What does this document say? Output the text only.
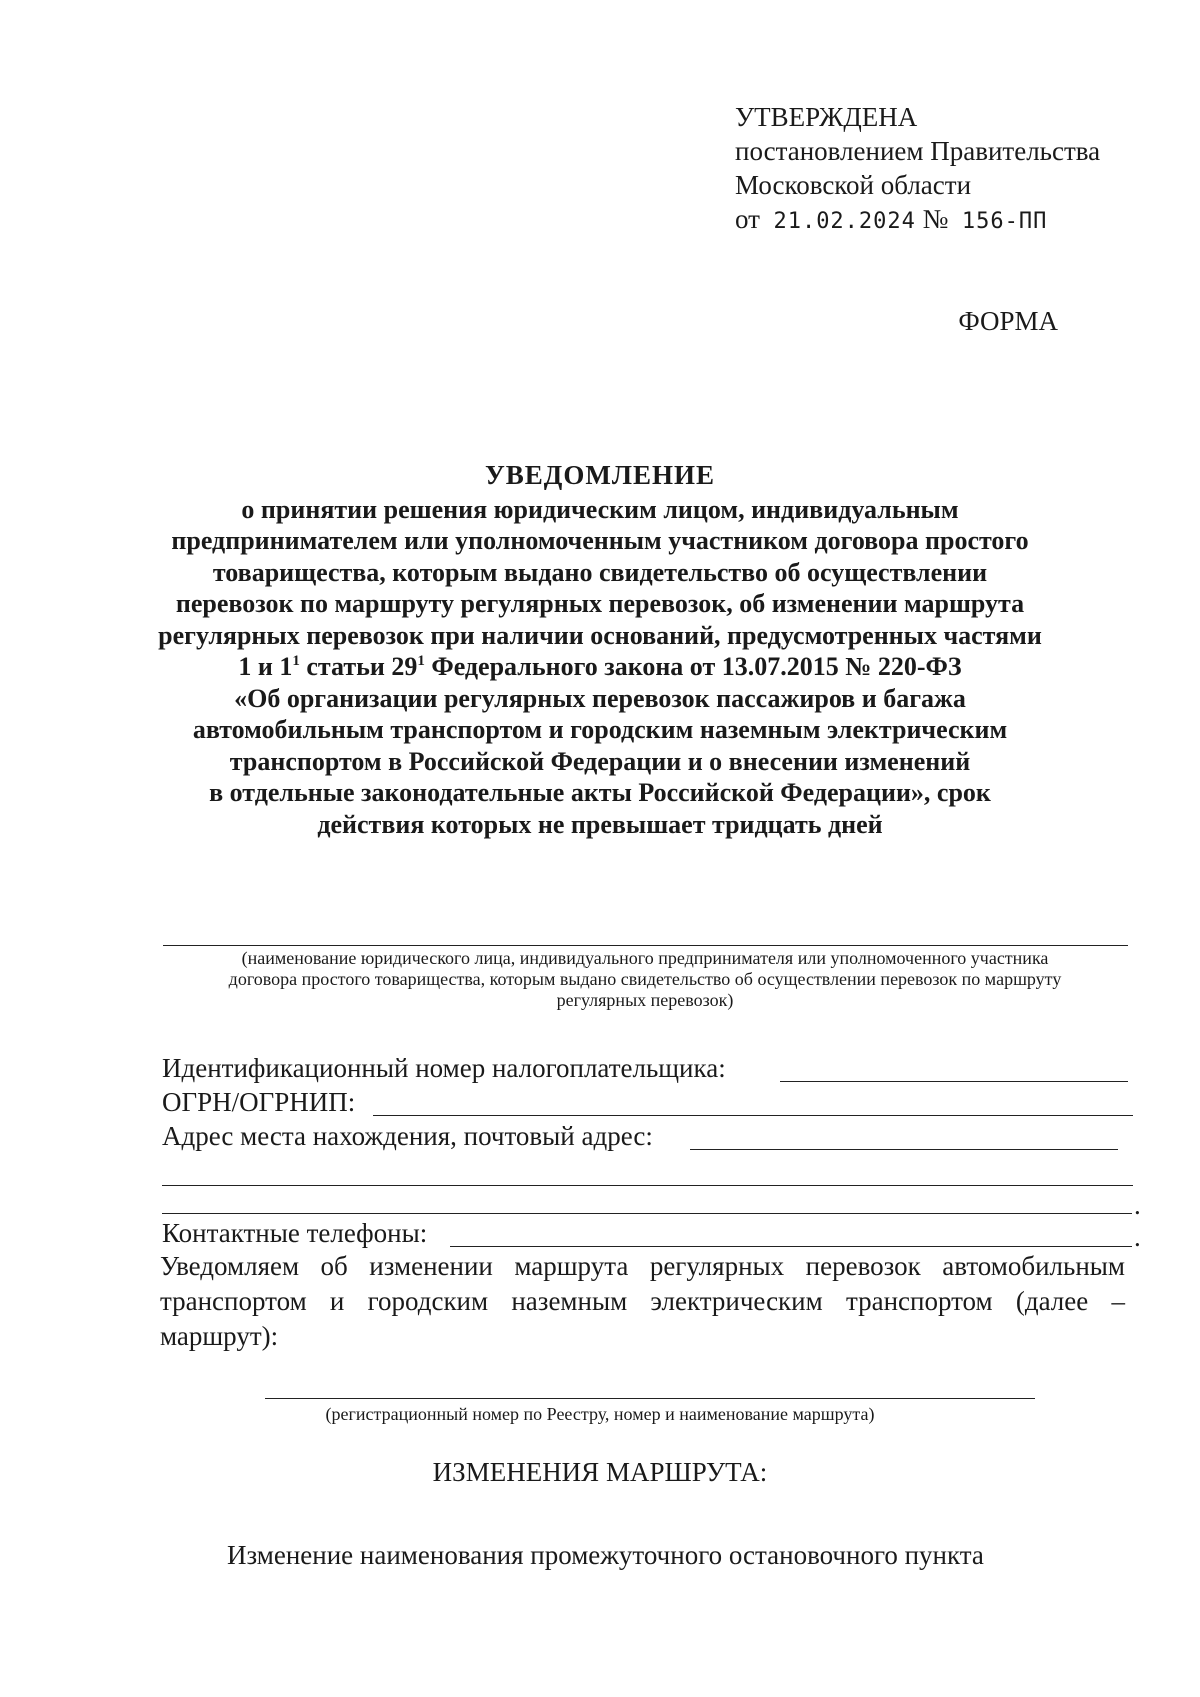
УТВЕРЖДЕНА
постановлением Правительства
Московской области
от 21.02.2024 № 156-ПП
ФОРМА
УВЕДОМЛЕНИЕ
о принятии решения юридическим лицом, индивидуальным
предпринимателем или уполномоченным участником договора простого
товарищества, которым выдано свидетельство об осуществлении
перевозок по маршруту регулярных перевозок, об изменении маршрута
регулярных перевозок при наличии оснований, предусмотренных частями
1 и $1^1$ статьи $29^1$ Федерального закона от 13.07.2015 № 220-ФЗ
«Об организации регулярных перевозок пассажиров и багажа
автомобильным транспортом и городским наземным электрическим
транспортом в Российской Федерации и о внесении изменений
в отдельные законодательные акты Российской Федерации», срок
действия которых не превышает тридцать дней
(наименование юридического лица, индивидуального предпринимателя или уполномоченного участника
договора простого товарищества, которым выдано свидетельство об осуществлении перевозок по маршруту
регулярных перевозок)
Идентификационный номер налогоплательщика:
ОГРН/ОГРНИП:
Адрес места нахождения, почтовый адрес:
.
Контактные телефоны:	.
Уведомляем об изменении маршрута регулярных перевозок автомобильным транспортом и городским наземным электрическим транспортом (далее – маршрут):
(регистрационный номер по Реестру, номер и наименование маршрута)
ИЗМЕНЕНИЯ МАРШРУТА:
Изменение наименования промежуточного остановочного пункта
